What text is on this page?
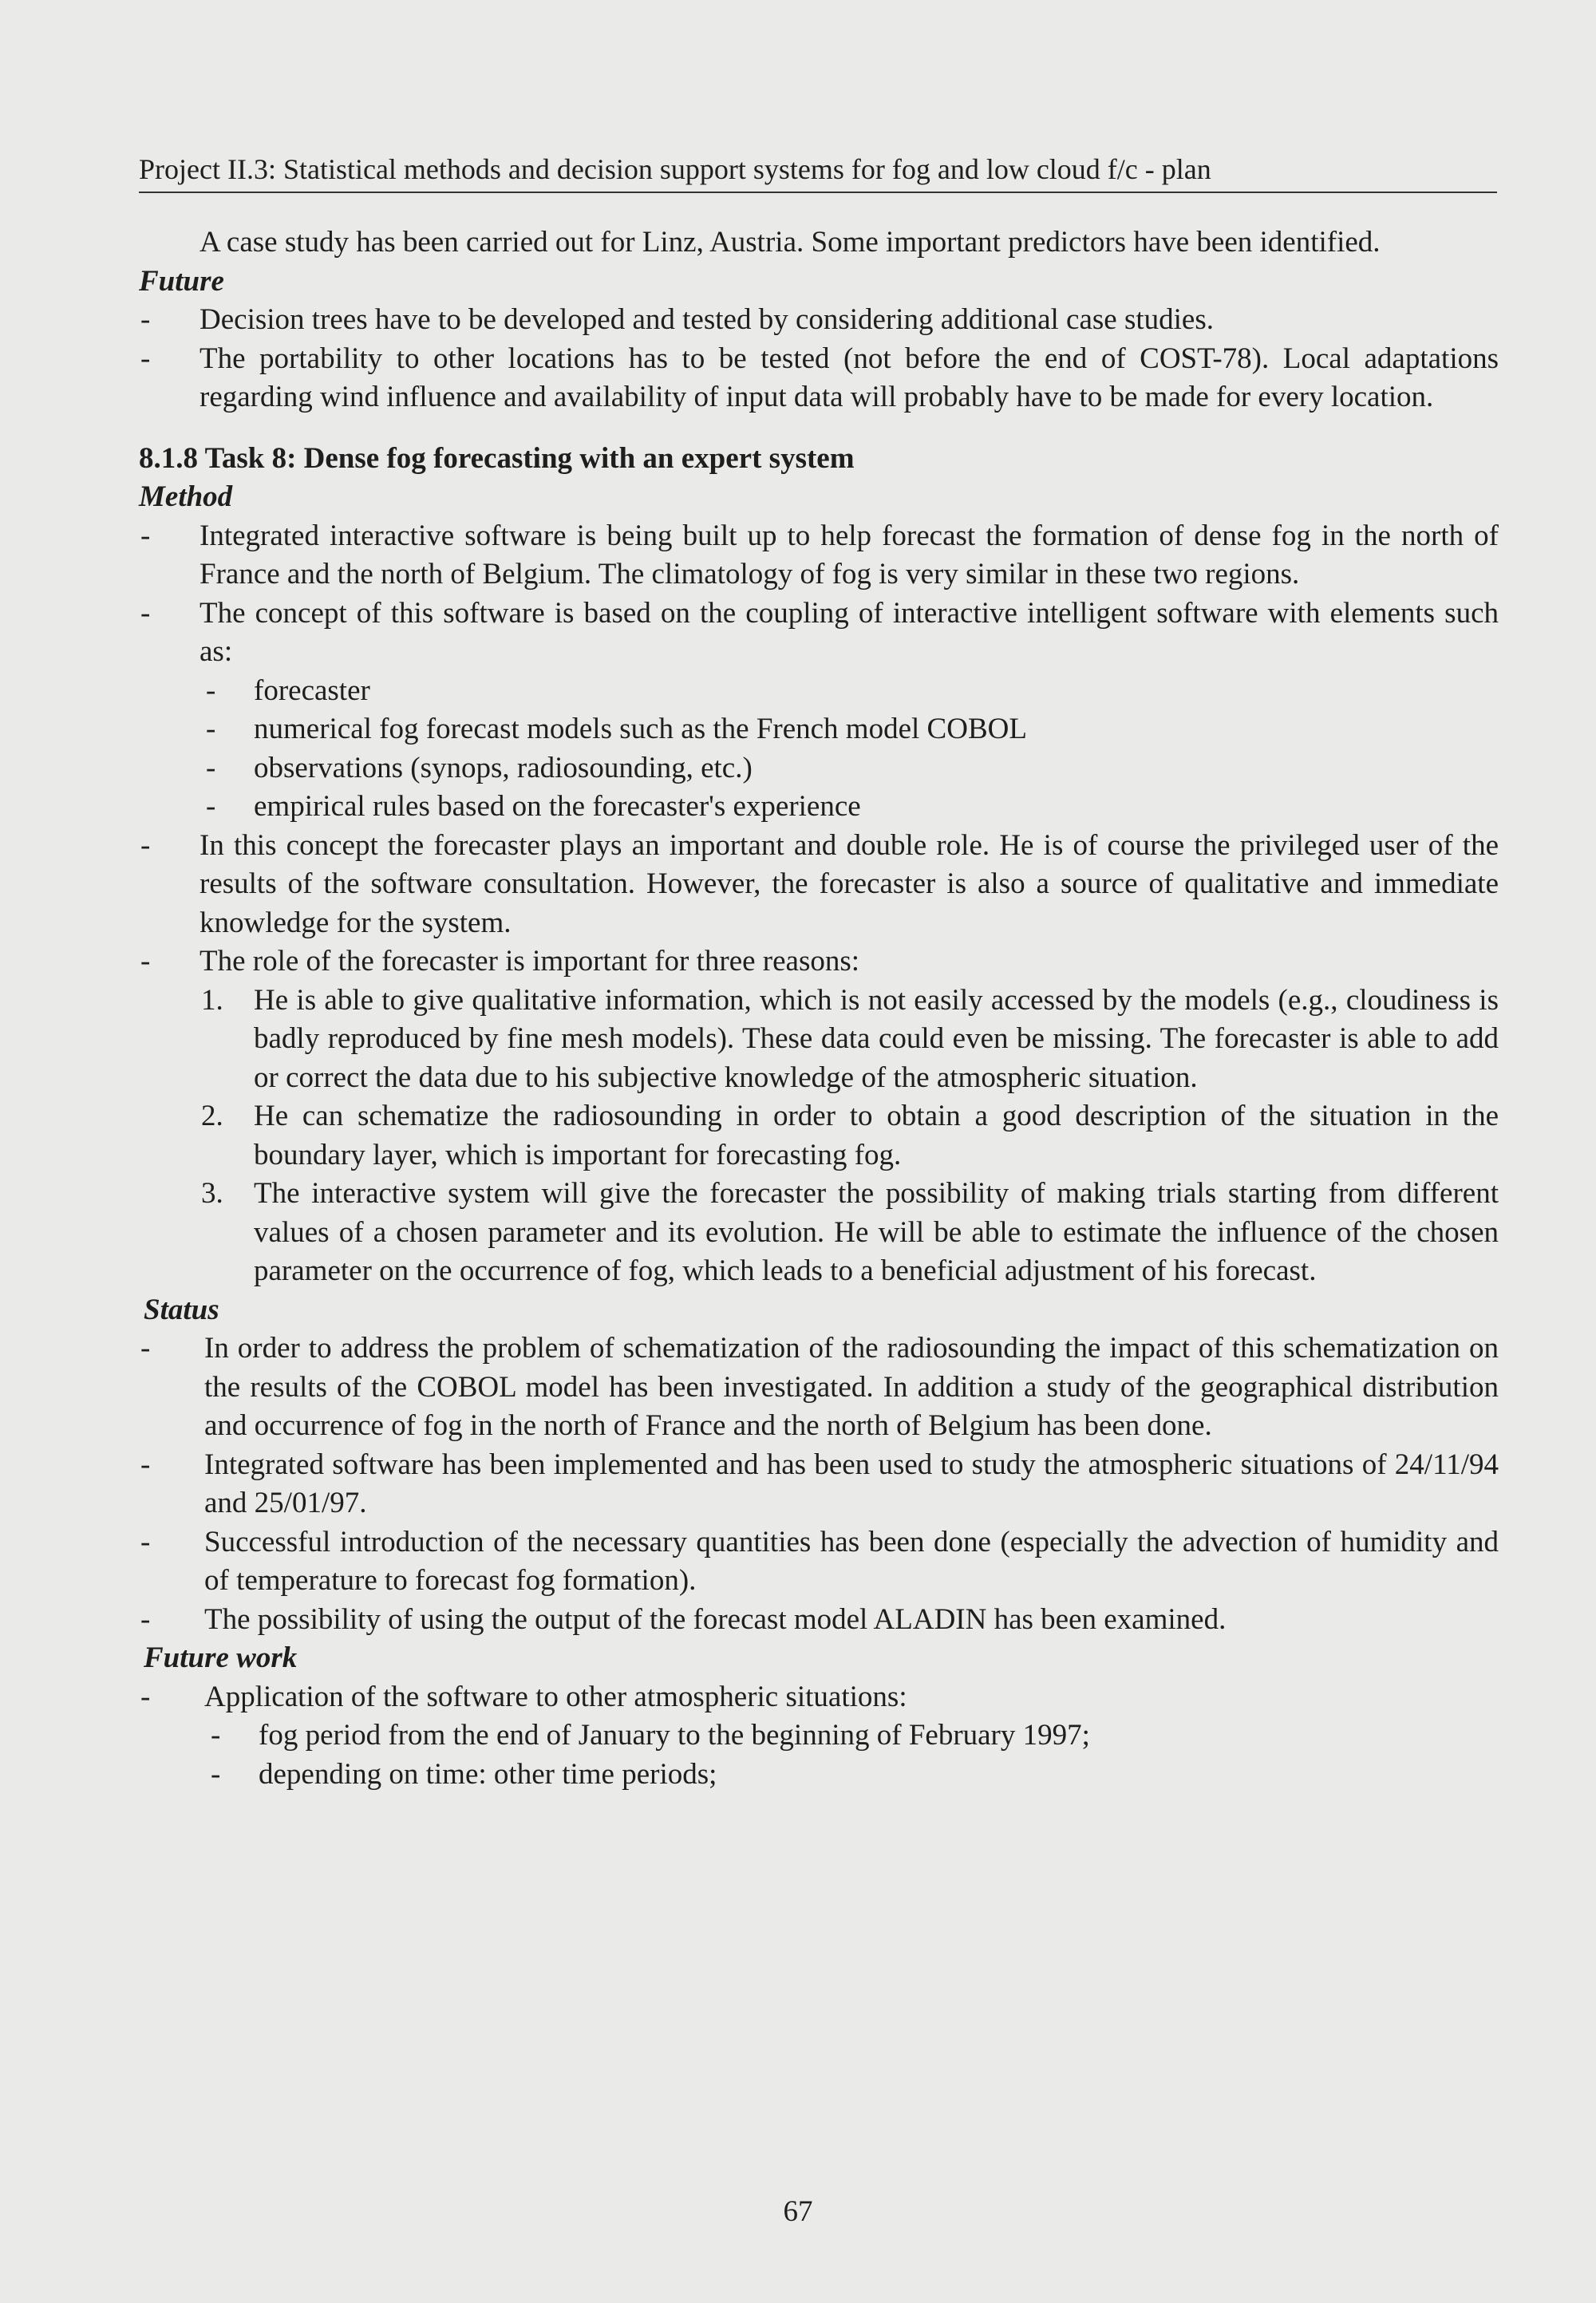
Project II.3: Statistical methods and decision support systems for fog and low cloud f/c - plan

A case study has been carried out for Linz, Austria. Some important predictors have been identified.

Future

- Decision trees have to be developed and tested by considering additional case studies.
- The portability to other locations has to be tested (not before the end of COST-78). Local adaptations regarding wind influence and availability of input data will probably have to be made for every location.

8.1.8 Task 8: Dense fog forecasting with an expert system

Method

- Integrated interactive software is being built up to help forecast the formation of dense fog in the north of France and the north of Belgium. The climatology of fog is very similar in these two regions.
- The concept of this software is based on the coupling of interactive intelligent software with elements such as:
- forecaster
- numerical fog forecast models such as the French model COBOL
- observations (synops, radiosounding, etc.)
- empirical rules based on the forecaster's experience
- In this concept the forecaster plays an important and double role. He is of course the privileged user of the results of the software consultation. However, the forecaster is also a source of qualitative and immediate knowledge for the system.
- The role of the forecaster is important for three reasons:
1. He is able to give qualitative information, which is not easily accessed by the models (e.g., cloudiness is badly reproduced by fine mesh models). These data could even be missing. The forecaster is able to add or correct the data due to his subjective knowledge of the atmospheric situation.
2. He can schematize the radiosounding in order to obtain a good description of the situation in the boundary layer, which is important for forecasting fog.
3. The interactive system will give the forecaster the possibility of making trials starting from different values of a chosen parameter and its evolution. He will be able to estimate the influence of the chosen parameter on the occurrence of fog, which leads to a beneficial adjustment of his forecast.

Status

- In order to address the problem of schematization of the radiosounding the impact of this schematization on the results of the COBOL model has been investigated. In addition a study of the geographical distribution and occurrence of fog in the north of France and the north of Belgium has been done.
- Integrated software has been implemented and has been used to study the atmospheric situations of 24/11/94 and 25/01/97.
- Successful introduction of the necessary quantities has been done (especially the advection of humidity and of temperature to forecast fog formation).
- The possibility of using the output of the forecast model ALADIN has been examined.

Future work

- Application of the software to other atmospheric situations:
- fog period from the end of January to the beginning of February 1997;
- depending on time: other time periods;
67
